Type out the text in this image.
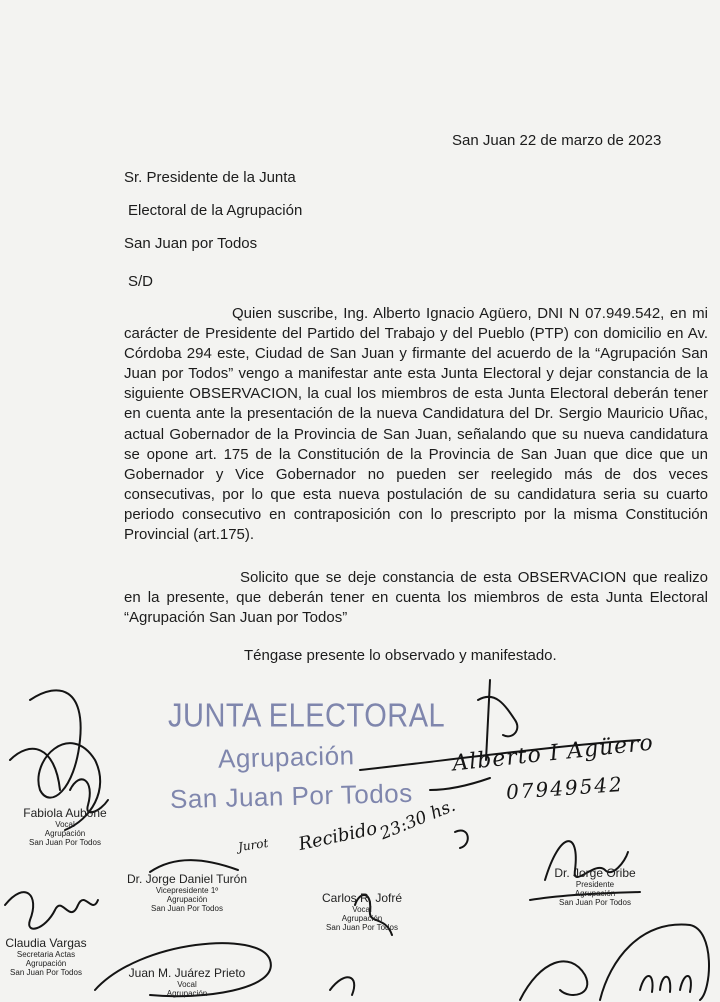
San Juan 22 de marzo de 2023
Sr. Presidente de la Junta
Electoral de la Agrupación
San Juan por Todos
S/D
Quien suscribe, Ing. Alberto Ignacio Agüero, DNI N 07.949.542, en mi carácter de Presidente del Partido del Trabajo y del Pueblo (PTP) con domicilio en Av. Córdoba 294 este, Ciudad de San Juan y firmante del acuerdo de la “Agrupación San Juan por Todos” vengo a manifestar ante esta Junta Electoral y dejar constancia de la siguiente OBSERVACION, la cual los miembros de esta Junta Electoral deberán tener en cuenta ante la presentación de la nueva Candidatura del Dr. Sergio Mauricio Uñac, actual Gobernador de la Provincia de San Juan, señalando que su nueva candidatura se opone art. 175 de la Constitución de la Provincia de San Juan que dice que un Gobernador y Vice Gobernador no pueden ser reelegido más de dos veces consecutivas, por lo que esta nueva postulación de su candidatura seria su cuarto periodo consecutivo en contraposición con lo prescripto por la misma Constitución Provincial (art.175).
Solicito que se deje constancia de esta OBSERVACION que realizo en la presente, que deberán tener en cuenta los miembros de esta Junta Electoral “Agrupación San Juan por Todos”
Téngase presente lo observado y manifestado.
JUNTA ELECTORAL
Agrupación
San Juan Por Todos
Jurot Recibido
23:30 hs.
Alberto I Agüero
07949542
Fabiola Aubone
Vocal
Agrupación
San Juan Por Todos
Dr. Jorge Daniel Turón
Vicepresidente 1º
Agrupación
San Juan Por Todos
Carlos R. Jofré
Vocal
Agrupación
San Juan Por Todos
Dr. Jorge Oribe
Presidente
Agrupación
San Juan Por Todos
Claudia Vargas
Secretaria Actas
Agrupación
San Juan Por Todos	Juan M. Juárez Prieto
Vocal
Agrupación
